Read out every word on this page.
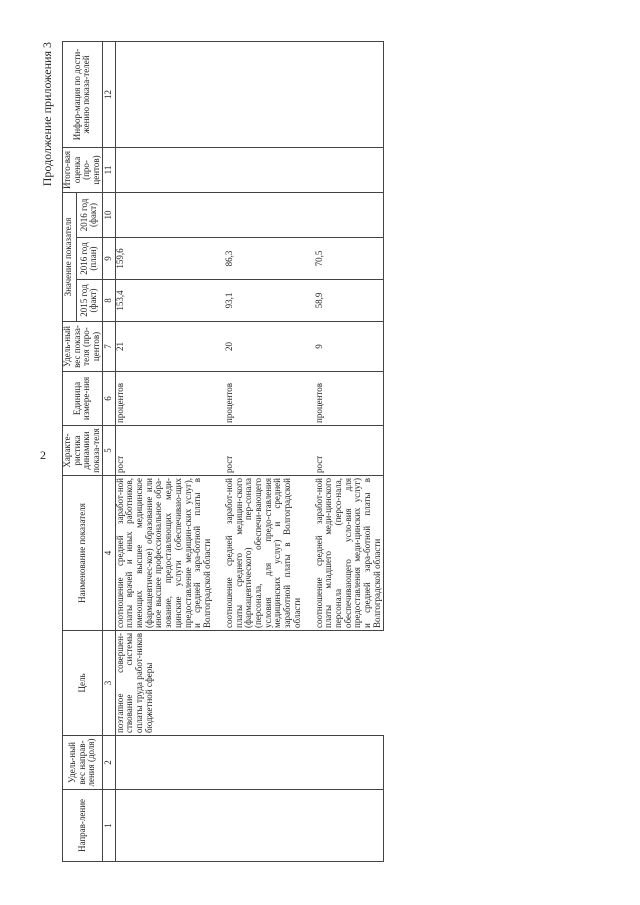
2
Продолжение приложения 3
Направ-ление	Удель-ный вес направ-ления (доля)	Цель	Наименование показателя	Характе-ристика динамики показа-теля	Единица измере-ния	Удель-ный вес показа-теля (про-центов)	Значение показателя			Итого-вая оценка (про-центов)	Инфор-мация по дости-жению показа-телей
							2015 год (факт)	2016 год (план)	2016 год (факт)		
1	2	3	4	5	6	7	8	9	10	11	12
		поэтапное совершен-ствование системы оплаты труда работ-ников бюджетной сферы	соотношение средней заработ-ной платы врачей и иных работников, имеющих высшее медицинское (фармацевтичес-кое) образование или иное высшее профессиональное обра-зование, предоставляющих меди-цинские услуги (обеспечиваю-щих предоставление медицин-ских услуг), и средней зара-ботной платы в Волгоградской области	рост	процентов	21	153,4	159,6			
			соотношение средней заработ-ной платы среднего медицин-ского (фармацевтического) пер-сонала (персонала, обеспечи-вающего условия для предо-ставления медицинских услуг) и средней заработной платы в Волгоградской области	рост	процентов	20	93,1	86,3			
			соотношение средней заработ-ной платы младшего меди-цинского персонала (персо-нала, обеспечивающего усло-вия для предоставления меди-цинских услуг) и средней зара-ботной платы в Волгоградской области	рост	процентов	9	58,9	70,5			
